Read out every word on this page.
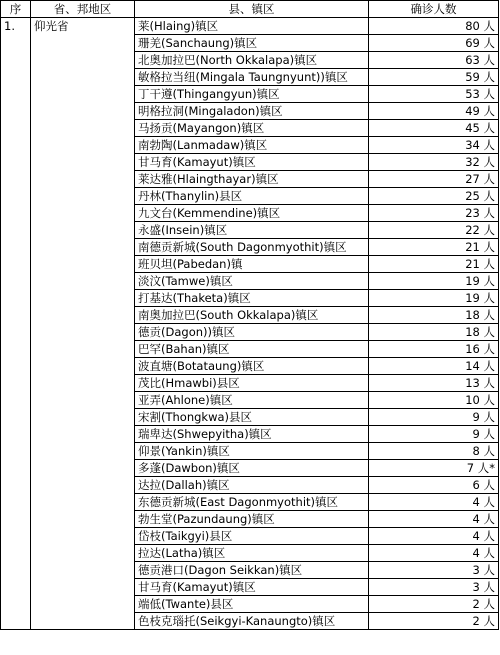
序	省、邦地区	县、镇区	确诊人数
1.	仰光省	莱(Hlaing)镇区	80 人
		珊羌(Sanchaung)镇区	69 人
		北奥加拉巴(North Okkalapa)镇区	63 人
		敏格拉当纽(Mingala Taungnyunt))镇区	59 人
		丁干遵(Thingangyun)镇区	53 人
		明格拉洞(Mingaladon)镇区	49 人
		马扬贡(Mayangon)镇区	45 人
		南勃陶(Lanmadaw)镇区	34 人
		甘马育(Kamayut)镇区	32 人
		莱达雅(Hlaingthayar)镇区	27 人
		丹林(Thanylin)县区	25 人
		九文台(Kemmendine)镇区	23 人
		永盛(Insein)镇区	22 人
		南德贡新城(South Dagonmyothit)镇区	21 人
		班贝坦(Pabedan)镇	21 人
		淡汶(Tamwe)镇区	19 人
		打基达(Thaketa)镇区	19 人
		南奥加拉巴(South Okkalapa)镇区	18 人
		德贡(Dagon))镇区	18 人
		巴罕(Bahan)镇区	16 人
		波直塘(Botataung)镇区	14 人
		茂比(Hmawbi)县区	13 人
		亚弄(Ahlone)镇区	10 人
		宋割(Thongkwa)县区	9 人
		瑞卑达(Shwepyitha)镇区	9 人
		仰景(Yankin)镇区	8 人
		多蓬(Dawbon)镇区	7 人*
		达拉(Dallah)镇区	6 人
		东德贡新城(East Dagonmyothit)镇区	4 人
		勃生堂(Pazundaung)镇区	4 人
		岱枝(Taikgyi)县区	4 人
		拉达(Latha)镇区	4 人
		德贡港口(Dagon Seikkan)镇区	3 人
		甘马育(Kamayut)镇区	3 人
		端低(Twante)县区	2 人
		色枝克瑙托(Seikgyi-Kanaungto)镇区	2 人
